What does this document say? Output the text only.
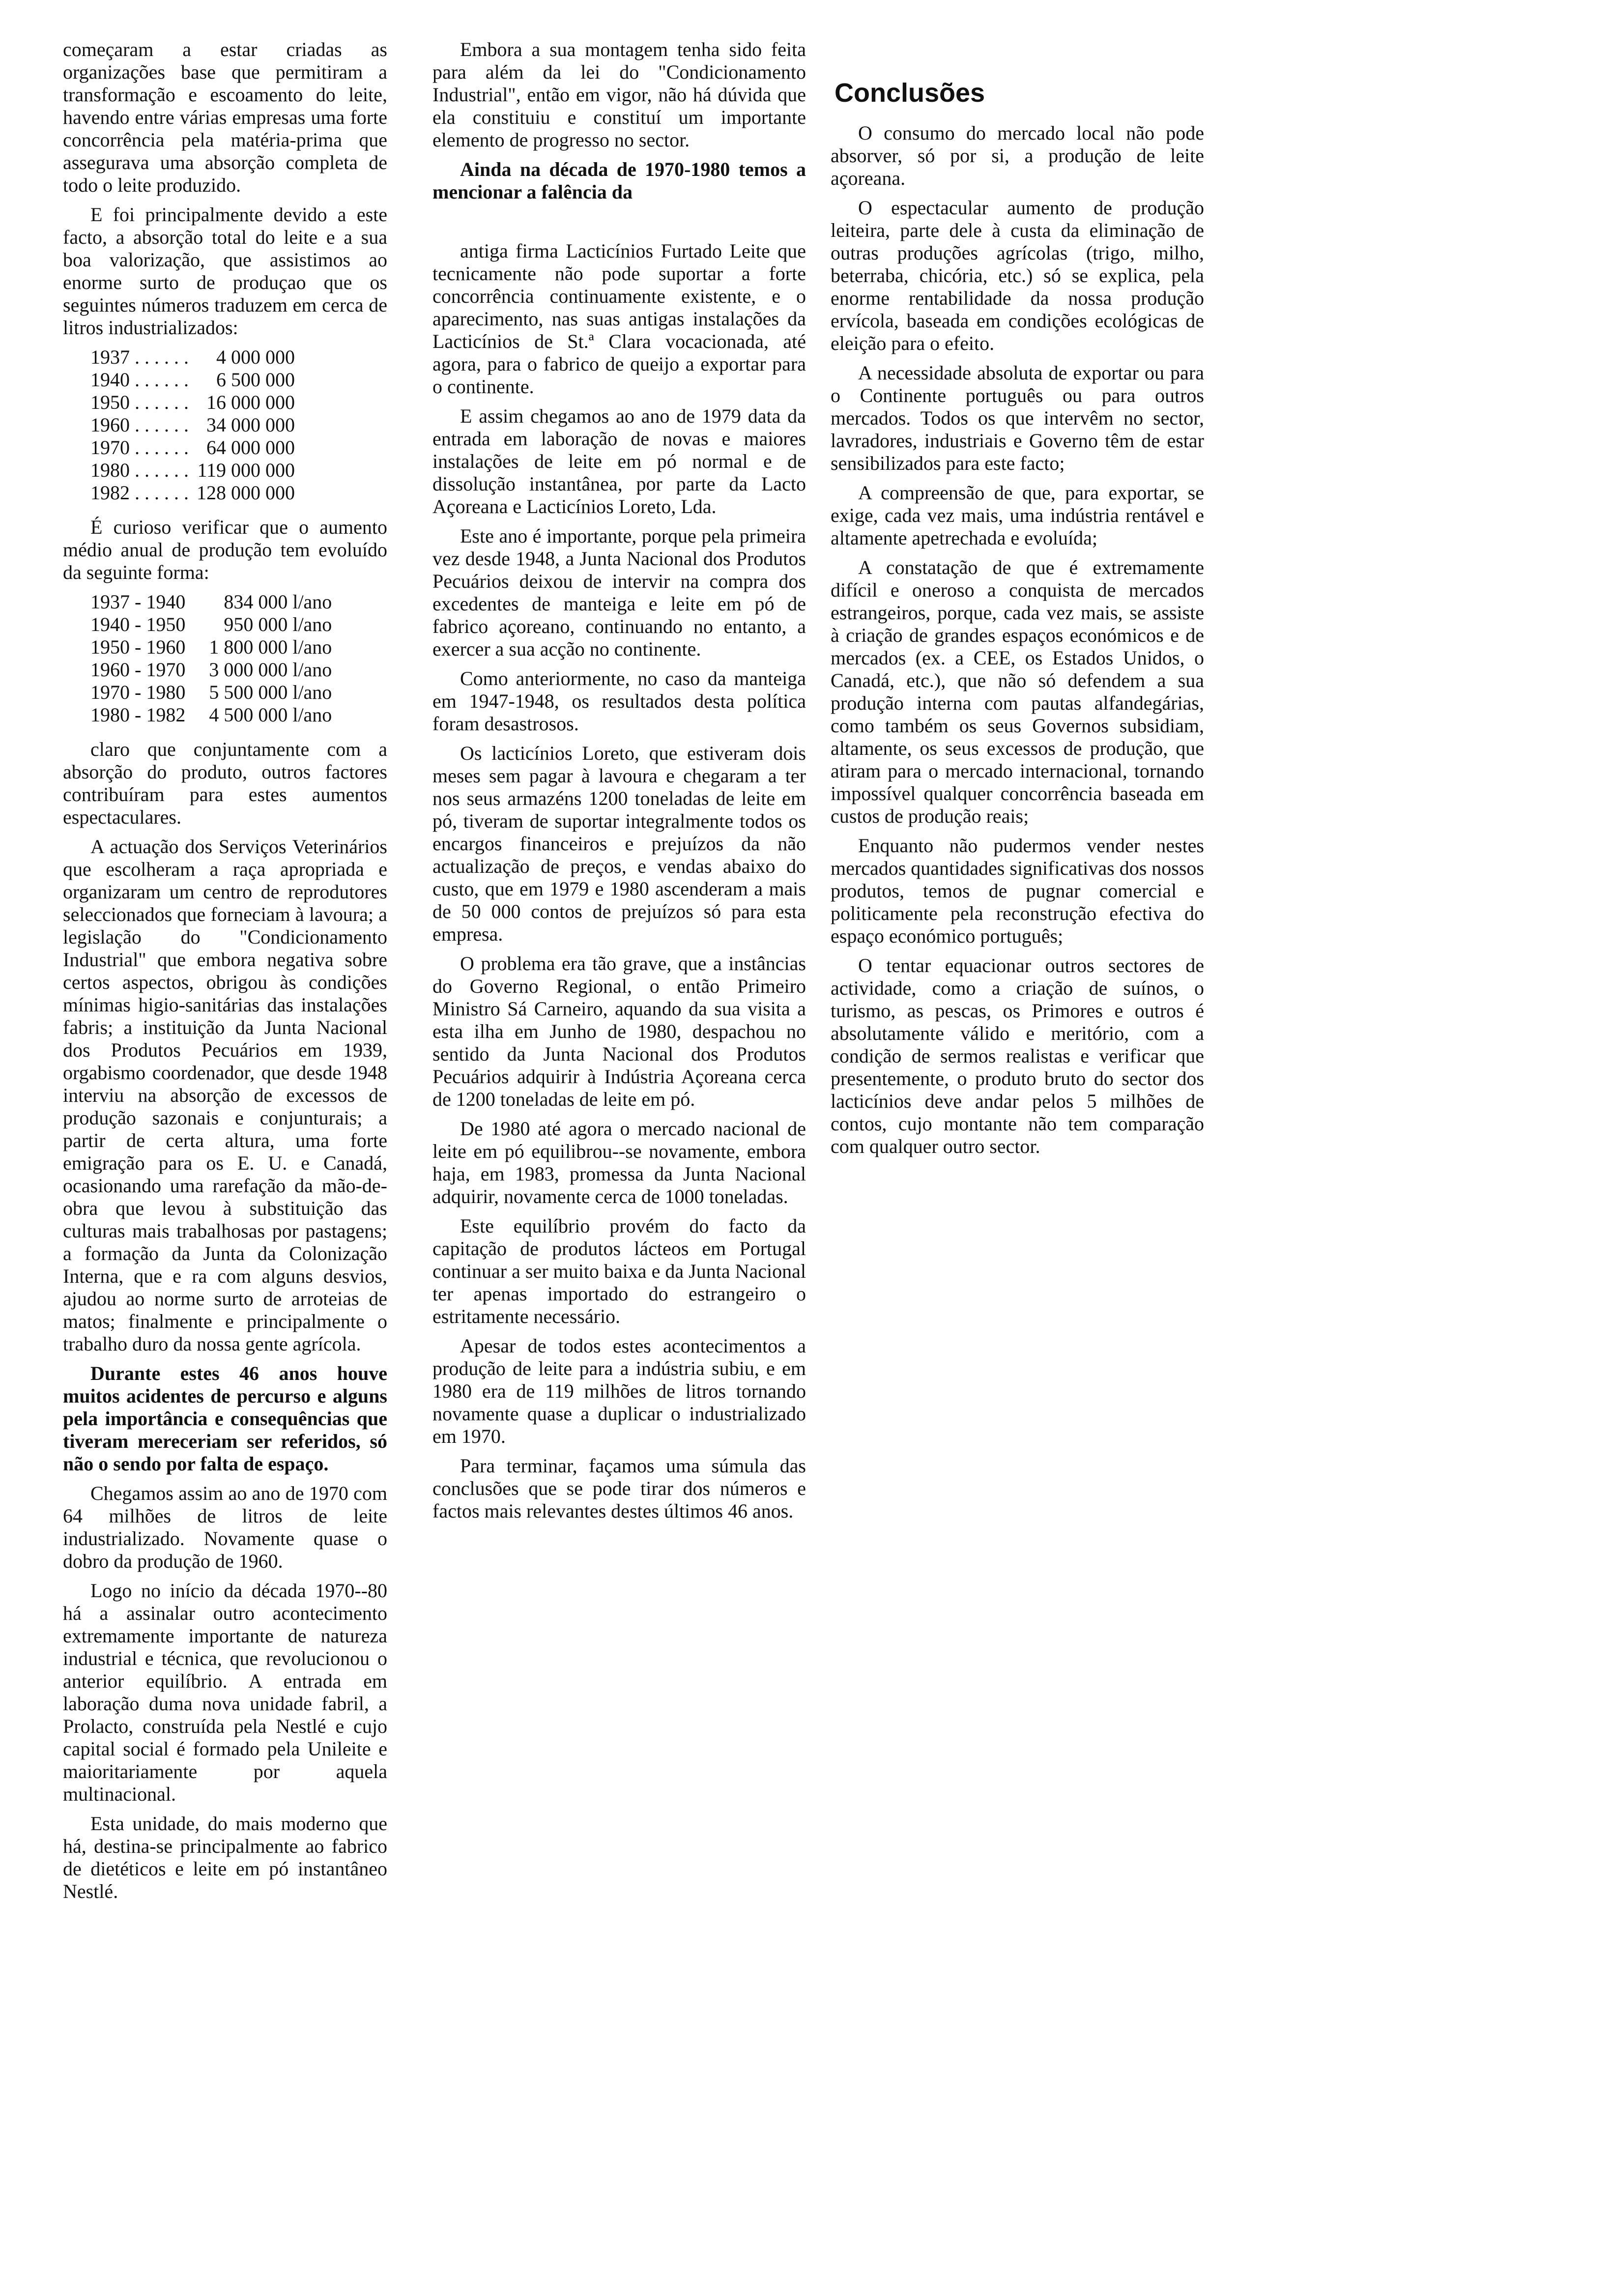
começaram a estar criadas as organizações base que permitiram a transformação e escoamento do leite, havendo entre várias empresas uma forte concorrência pela matéria-prima que assegurava uma absorção completa de todo o leite produzido.

E foi principalmente devido a este facto, a absorção total do leite e a sua boa valorização, que assistimos ao enorme surto de produçao que os seguintes números traduzem em cerca de litros industrializados:

1937 . . . . . .	4 000 000
1940 . . . . . .	6 500 000
1950 . . . . . .	16 000 000
1960 . . . . . .	34 000 000
1970 . . . . . .	64 000 000
1980 . . . . . .	119 000 000
1982 . . . . . .	128 000 000

É curioso verificar que o aumento médio anual de produção tem evoluído da seguinte forma:

1937 - 1940	834 000 l/ano
1940 - 1950	950 000 l/ano
1950 - 1960	1 800 000 l/ano
1960 - 1970	3 000 000 l/ano
1970 - 1980	5 500 000 l/ano
1980 - 1982	4 500 000 l/ano

claro que conjuntamente com a absorção do produto, outros factores contribuíram para estes aumentos espectaculares.

A actuação dos Serviços Veterinários que escolheram a raça apropriada e organizaram um centro de reprodutores seleccionados que forneciam à lavoura; a legislação do "Condicionamento Industrial" que embora negativa sobre certos aspectos, obrigou às condições mínimas higio-sanitárias das instalações fabris; a instituição da Junta Nacional dos Produtos Pecuários em 1939, orgabismo coordenador, que desde 1948 interviu na absorção de excessos de produção sazonais e conjunturais; a partir de certa altura, uma forte emigração para os E. U. e Canadá, ocasionando uma rarefação da mão-de-obra que levou à substituição das culturas mais trabalhosas por pastagens; a formação da Junta da Colonização Interna, que e ra com alguns desvios, ajudou ao norme surto de arroteias de matos; finalmente e principalmente o trabalho duro da nossa gente agrícola.

Durante estes 46 anos houve muitos acidentes de percurso e alguns pela importância e consequências que tiveram mereceriam ser referidos, só não o sendo por falta de espaço.

Chegamos assim ao ano de 1970 com 64 milhões de litros de leite industrializado. Novamente quase o dobro da produção de 1960.

Logo no início da década 1970--80 há a assinalar outro acontecimento extremamente importante de natureza industrial e técnica, que revolucionou o anterior equilíbrio. A entrada em laboração duma nova unidade fabril, a Prolacto, construída pela Nestlé e cujo capital social é formado pela Unileite e maioritariamente por aquela multinacional.

Esta unidade, do mais moderno que há, destina-se principalmente ao fabrico de dietéticos e leite em pó instantâneo Nestlé.

Embora a sua montagem tenha sido feita para além da lei do "Condicionamento Industrial", então em vigor, não há dúvida que ela constituiu e constituí um importante elemento de progresso no sector.

Ainda na década de 1970-1980 temos a mencionar a falência da

antiga firma Lacticínios Furtado Leite que tecnicamente não pode suportar a forte concorrência continuamente existente, e o aparecimento, nas suas antigas instalações da Lacticínios de St.ª Clara vocacionada, até agora, para o fabrico de queijo a exportar para o continente.

E assim chegamos ao ano de 1979 data da entrada em laboração de novas e maiores instalações de leite em pó normal e de dissolução instantânea, por parte da Lacto Açoreana e Lacticínios Loreto, Lda.

Este ano é importante, porque pela primeira vez desde 1948, a Junta Nacional dos Produtos Pecuários deixou de intervir na compra dos excedentes de manteiga e leite em pó de fabrico açoreano, continuando no entanto, a exercer a sua acção no continente.

Como anteriormente, no caso da manteiga em 1947-1948, os resultados desta política foram desastrosos.

Os lacticínios Loreto, que estiveram dois meses sem pagar à lavoura e chegaram a ter nos seus armazéns 1200 toneladas de leite em pó, tiveram de suportar integralmente todos os encargos financeiros e prejuízos da não actualização de preços, e vendas abaixo do custo, que em 1979 e 1980 ascenderam a mais de 50 000 contos de prejuízos só para esta empresa.

O problema era tão grave, que a instâncias do Governo Regional, o então Primeiro Ministro Sá Carneiro, aquando da sua visita a esta ilha em Junho de 1980, despachou no sentido da Junta Nacional dos Produtos Pecuários adquirir à Indústria Açoreana cerca de 1200 toneladas de leite em pó.

De 1980 até agora o mercado nacional de leite em pó equilibrou--se novamente, embora haja, em 1983, promessa da Junta Nacional adquirir, novamente cerca de 1000 toneladas.

Este equilíbrio provém do facto da capitação de produtos lácteos em Portugal continuar a ser muito baixa e da Junta Nacional ter apenas importado do estrangeiro o estritamente necessário.

Apesar de todos estes acontecimentos a produção de leite para a indústria subiu, e em 1980 era de 119 milhões de litros tornando novamente quase a duplicar o industrializado em 1970.

Para terminar, façamos uma súmula das conclusões que se pode tirar dos números e factos mais relevantes destes últimos 46 anos.

Conclusões

O consumo do mercado local não pode absorver, só por si, a produção de leite açoreana.

O espectacular aumento de produção leiteira, parte dele à custa da eliminação de outras produções agrícolas (trigo, milho, beterraba, chicória, etc.) só se explica, pela enorme rentabilidade da nossa produção ervícola, baseada em condições ecológicas de eleição para o efeito.

A necessidade absoluta de exportar ou para o Continente português ou para outros mercados. Todos os que intervêm no sector, lavradores, industriais e Governo têm de estar sensibilizados para este facto;

A compreensão de que, para exportar, se exige, cada vez mais, uma indústria rentável e altamente apetrechada e evoluída;

A constatação de que é extremamente difícil e oneroso a conquista de mercados estrangeiros, porque, cada vez mais, se assiste à criação de grandes espaços económicos e de mercados (ex. a CEE, os Estados Unidos, o Canadá, etc.), que não só defendem a sua produção interna com pautas alfandegárias, como também os seus Governos subsidiam, altamente, os seus excessos de produção, que atiram para o mercado internacional, tornando impossível qualquer concorrência baseada em custos de produção reais;

Enquanto não pudermos vender nestes mercados quantidades significativas dos nossos produtos, temos de pugnar comercial e politicamente pela reconstrução efectiva do espaço económico português;

O tentar equacionar outros sectores de actividade, como a criação de suínos, o turismo, as pescas, os Primores e outros é absolutamente válido e meritório, com a condição de sermos realistas e verificar que presentemente, o produto bruto do sector dos lacticínios deve andar pelos 5 milhões de contos, cujo montante não tem comparação com qualquer outro sector.
